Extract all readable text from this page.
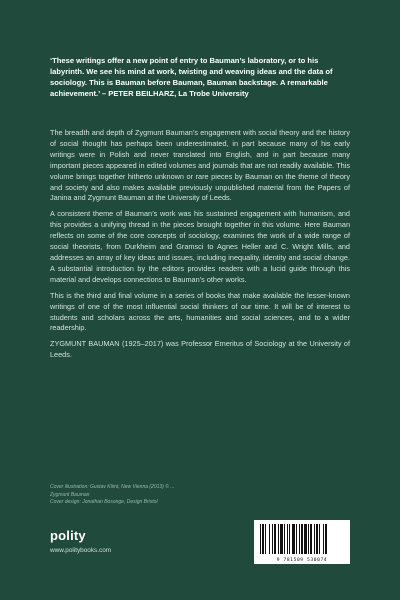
‘These writings offer a new point of entry to Bauman’s laboratory, or to his labyrinth. We see his mind at work, twisting and weaving ideas and the data of sociology. This is Bauman before Bauman, Bauman backstage. A remarkable achievement.’ – PETER BEILHARZ, La Trobe University

The breadth and depth of Zygmunt Bauman’s engagement with social theory and the history of social thought has perhaps been underestimated, in part because many of his early writings were in Polish and never translated into English, and in part because many important pieces appeared in edited volumes and journals that are not readily available. This volume brings together hitherto unknown or rare pieces by Bauman on the theme of theory and society and also makes available previously unpublished material from the Papers of Janina and Zygmunt Bauman at the University of Leeds.

A consistent theme of Bauman’s work was his sustained engagement with humanism, and this provides a unifying thread in the pieces brought together in this volume. Here Bauman reflects on some of the core concepts of sociology, examines the work of a wide range of social theorists, from Durkheim and Gramsci to Agnes Heller and C. Wright Mills, and addresses an array of key ideas and issues, including inequality, identity and social change. A substantial introduction by the editors provides readers with a lucid guide through this material and develops connections to Bauman’s other works.

This is the third and final volume in a series of books that make available the lesser-known writings of one of the most influential social thinkers of our time. It will be of interest to students and scholars across the arts, humanities and social sciences, and to a wider readership.

ZYGMUNT BAUMAN (1925–2017) was Professor Emeritus of Sociology at the University of Leeds.

Cover illustration: Gustav Klimt, New Vienna (2013) © ...
Zygmunt Bauman
Cover design: Jonathan Bosonge, Design Bristol
polity
www.politybooks.com
9 781509 530074
